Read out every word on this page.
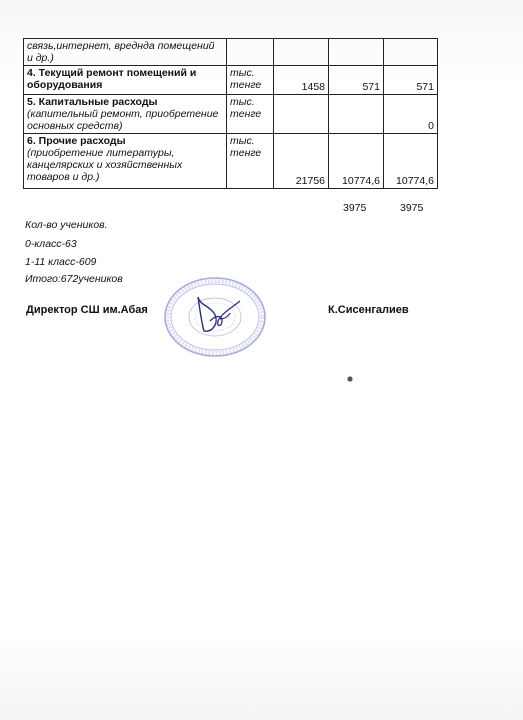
связь,интернет, вреднда помещений и др.)				
4. Текущий ремонт помещений и оборудования	тыс. тенге	1458	571	571

5. Капитальные расходы
(капительный ремонт, приобретение основных средств)	тыс. тенге			0

6. Прочие расходы
(приобретение литературы, канцелярских и хозяйственных товаров и др.)	тыс. тенге	21756	10774,6	10774,6
3975	3975
Кол-во учеников.
0-класс-63
1-11 класс-609
Итого:672учеников
Директор СШ им.Абая	К.Сисенгалиев
